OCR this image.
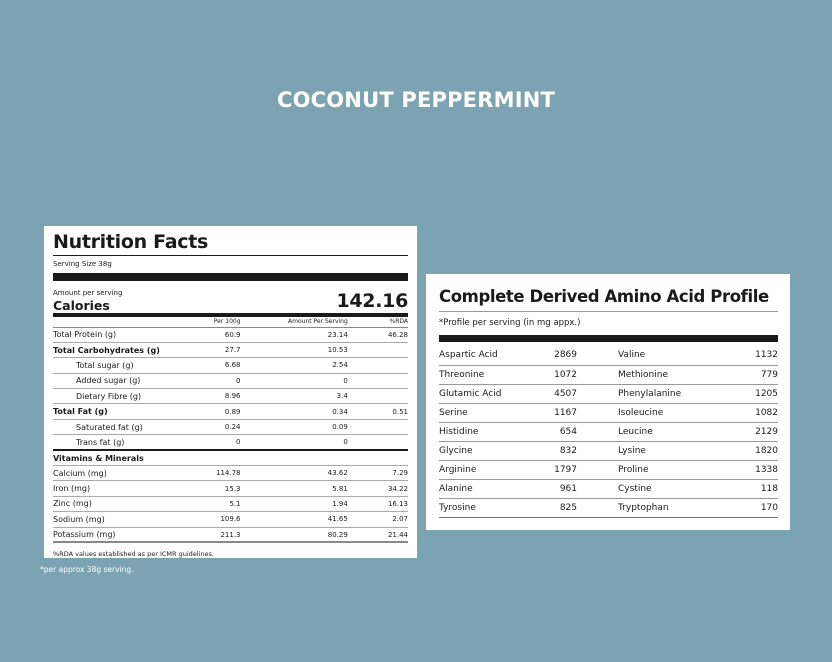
COCONUT PEPPERMINT
Nutrition Facts
Serving Size 38g
Amount per serving
Calories	142.16
	Per 100g	Amount Per Serving	%RDA
Total Protein (g)	60.9	23.14	46.28
Total Carbohydrates (g)	27.7	10.53	
Total sugar (g)	6.68	2.54	
Added sugar (g)	0	0	
Dietary Fibre (g)	8.96	3.4	
Total Fat (g)	0.89	0.34	0.51
Saturated fat (g)	0.24	0.09	
Trans fat (g)	0	0	
Vitamins & Minerals			
Calcium (mg)	114.78	43.62	7.29
Iron (mg)	15.3	5.81	34.22
Zinc (mg)	5.1	1.94	16.13
Sodium (mg)	109.6	41.65	2.07
Potassium (mg)	211.3	80.29	21.44
%RDA values established as per ICMR guidelines.
*per approx 38g serving.
Complete Derived Amino Acid Profile
*Profile per serving (in mg appx.)
Aspartic Acid	2869	Valine	1132
Threonine	1072	Methionine	779
Glutamic Acid	4507	Phenylalanine	1205
Serine	1167	Isoleucine	1082
Histidine	654	Leucine	2129
Glycine	832	Lysine	1820
Arginine	1797	Proline	1338
Alanine	961	Cystine	118
Tyrosine	825	Tryptophan	170
